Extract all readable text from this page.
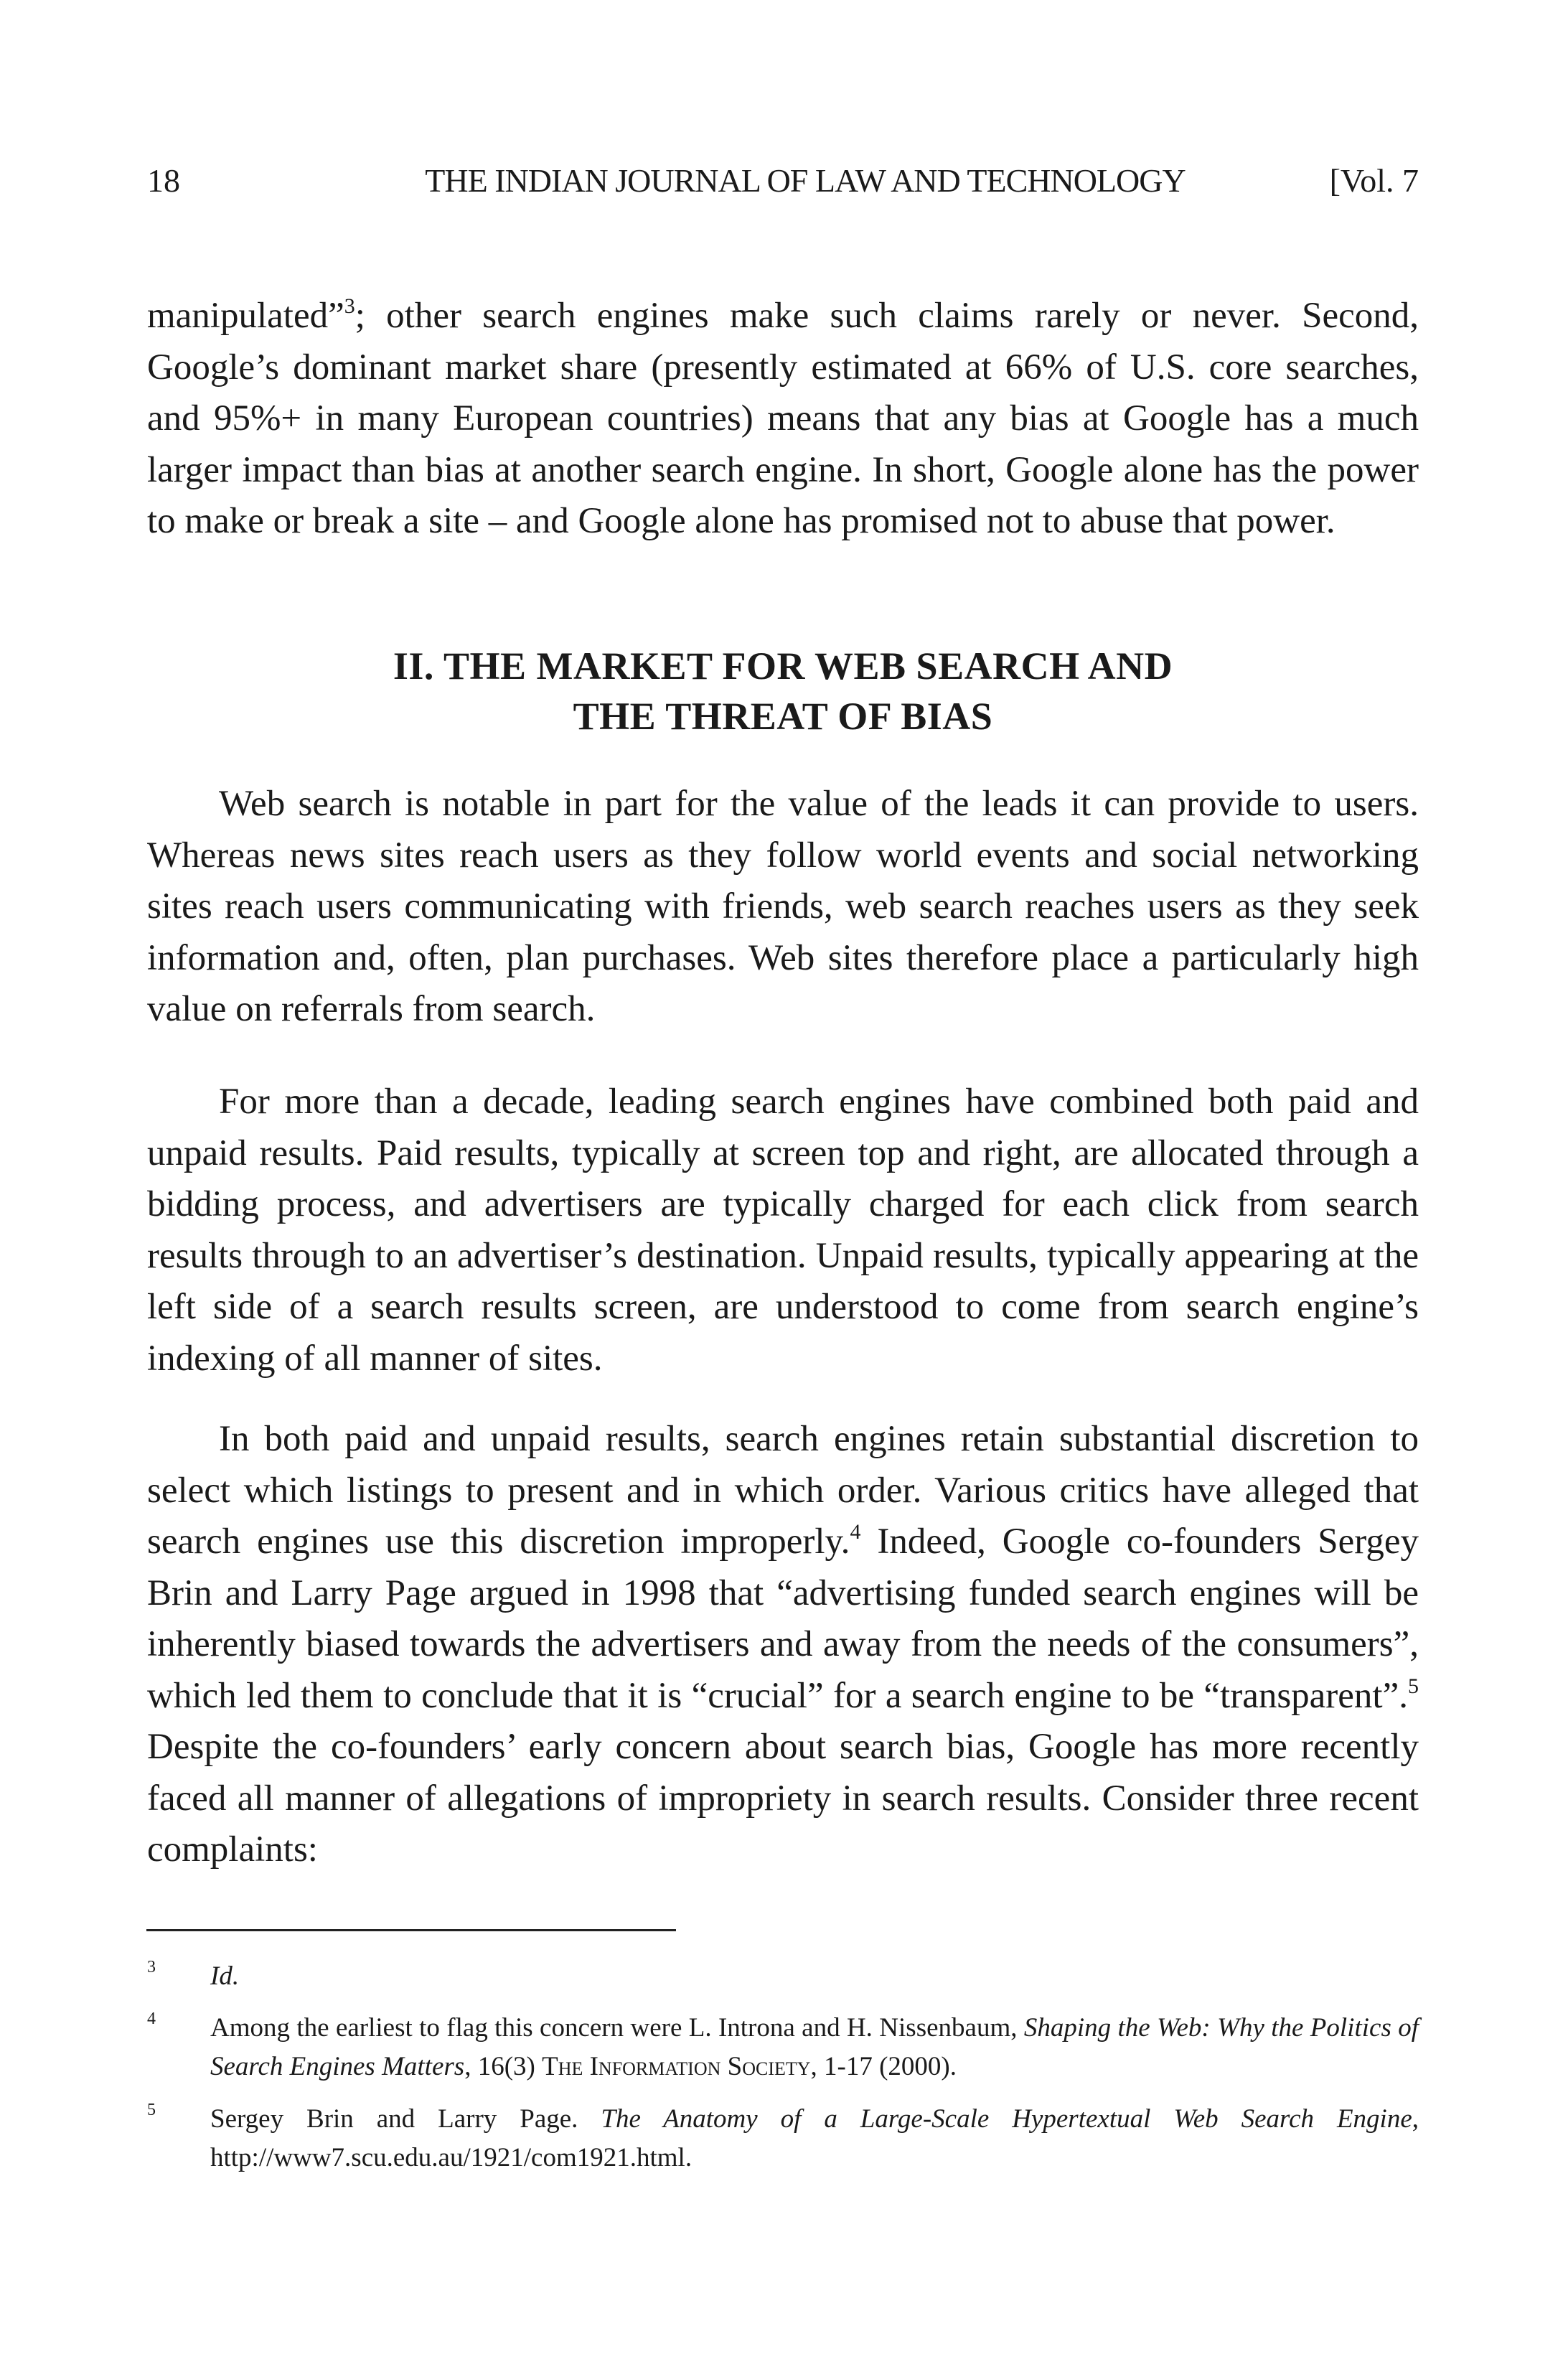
18	THE INDIAN JOURNAL OF LAW AND TECHNOLOGY	[Vol. 7

manipulated”$^3$; other search engines make such claims rarely or never. Second, Google’s dominant market share (presently estimated at 66% of U.S. core searches, and 95%+ in many European countries) means that any bias at Google has a much larger impact than bias at another search engine. In short, Google alone has the power to make or break a site – and Google alone has promised not to abuse that power.

II. THE MARKET FOR WEB SEARCH AND
THE THREAT OF BIAS

Web search is notable in part for the value of the leads it can provide to users. Whereas news sites reach users as they follow world events and social networking sites reach users communicating with friends, web search reaches users as they seek information and, often, plan purchases. Web sites therefore place a particularly high value on referrals from search.

For more than a decade, leading search engines have combined both paid and unpaid results. Paid results, typically at screen top and right, are allocated through a bidding process, and advertisers are typically charged for each click from search results through to an advertiser’s destination. Unpaid results, typically appearing at the left side of a search results screen, are understood to come from search engine’s indexing of all manner of sites.

In both paid and unpaid results, search engines retain substantial discretion to select which listings to present and in which order. Various critics have alleged that search engines use this discretion improperly.$^4$ Indeed, Google co-founders Sergey Brin and Larry Page argued in 1998 that “advertising funded search engines will be inherently biased towards the advertisers and away from the needs of the consumers”, which led them to conclude that it is “crucial” for a search engine to be “transparent”.$^5$ Despite the co-founders’ early concern about search bias, Google has more recently faced all manner of allegations of impropriety in search results. Consider three recent complaints:

3 Id.
4 Among the earliest to flag this concern were L. Introna and H. Nissenbaum, Shaping the Web: Why the Politics of Search Engines Matters, 16(3) The Information Society, 1-17 (2000).
5 Sergey Brin and Larry Page. The Anatomy of a Large-Scale Hypertextual Web Search Engine, http://www7.scu.edu.au/1921/com1921.html.
